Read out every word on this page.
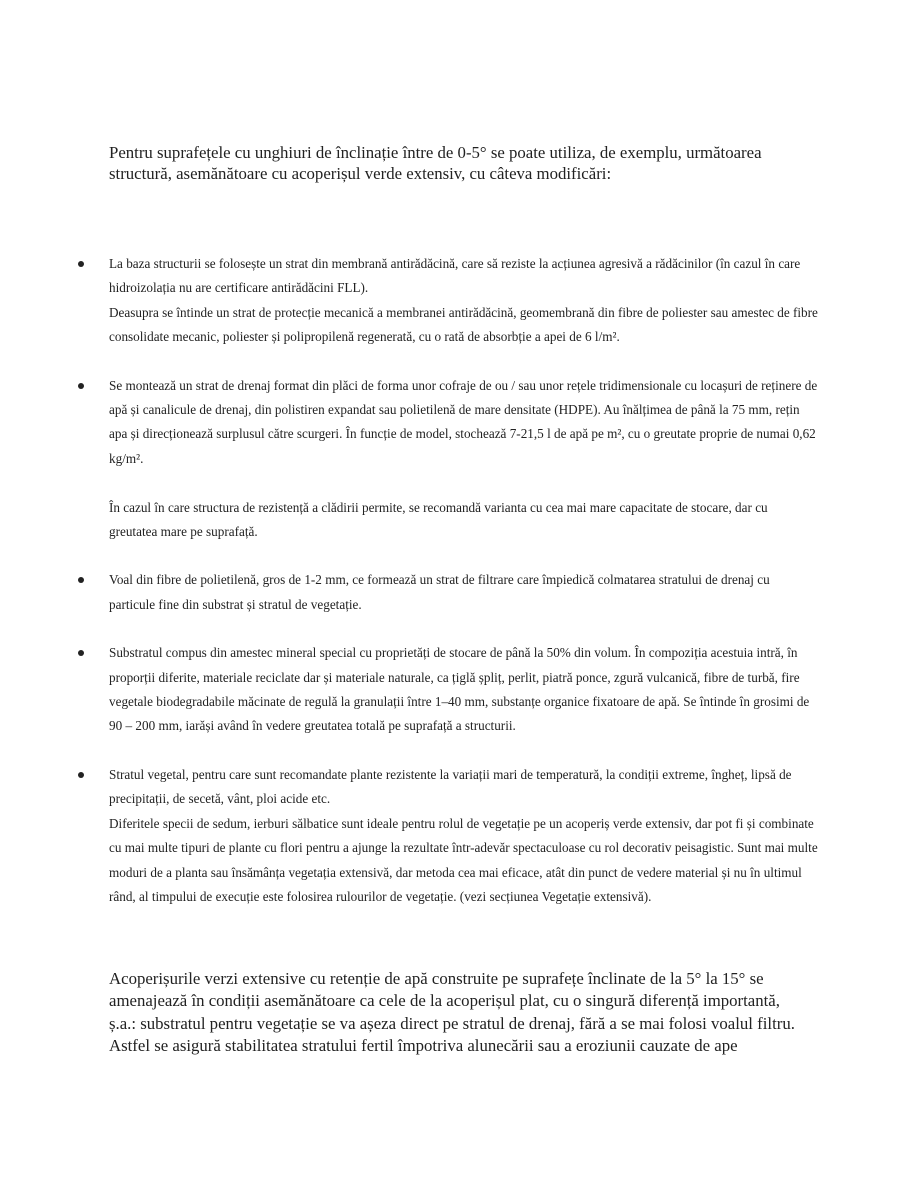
Pentru suprafețele cu unghiuri de înclinație între de 0-5° se poate utiliza, de exemplu, următoarea structură, asemănătoare cu acoperișul verde extensiv, cu câteva modificări:

La baza structurii se folosește un strat din membrană antirădăcină, care să reziste la acțiunea agresivă a rădăcinilor (în cazul în care hidroizolația nu are certificare antirădăcini FLL).

Deasupra se întinde un strat de protecție mecanică a membranei antirădăcină, geomembrană din fibre de poliester sau amestec de fibre consolidate mecanic, poliester și polipropilenă regenerată, cu o rată de absorbție a apei de 6 l/m².

Se montează un strat de drenaj format din plăci de forma unor cofraje de ou / sau unor rețele tridimensionale cu locașuri de reținere de apă și canalicule de drenaj, din polistiren expandat sau polietilenă de mare densitate (HDPE). Au înălțimea de până la 75 mm, rețin apa și direcționează surplusul către scurgeri. În funcție de model, stochează 7-21,5 l de apă pe m², cu o greutate proprie de numai 0,62 kg/m².

În cazul în care structura de rezistență a clădirii permite, se recomandă varianta cu cea mai mare capacitate de stocare, dar cu greutatea mare pe suprafață.

Voal din fibre de polietilenă, gros de 1-2 mm, ce formează un strat de filtrare care împiedică colmatarea stratului de drenaj cu particule fine din substrat și stratul de vegetație.

Substratul compus din amestec mineral special cu proprietăți de stocare de până la 50% din volum. În compoziția acestuia intră, în proporții diferite, materiale reciclate dar și materiale naturale, ca țiglă șpliț, perlit, piatră ponce, zgură vulcanică, fibre de turbă, fire vegetale biodegradabile măcinate de regulă la granulații între 1–40 mm, substanțe organice fixatoare de apă. Se întinde în grosimi de 90 – 200 mm, iarăși având în vedere greutatea totală pe suprafață a structurii.

Stratul vegetal, pentru care sunt recomandate plante rezistente la variații mari de temperatură, la condiții extreme, îngheț, lipsă de precipitații, de secetă, vânt, ploi acide etc.

Diferitele specii de sedum, ierburi sălbatice sunt ideale pentru rolul de vegetație pe un acoperiș verde extensiv, dar pot fi și combinate cu mai multe tipuri de plante cu flori pentru a ajunge la rezultate într-adevăr spectaculoase cu rol decorativ peisagistic. Sunt mai multe moduri de a planta sau însămânța vegetația extensivă, dar metoda cea mai eficace, atât din punct de vedere material și nu în ultimul rând, al timpului de execuție este folosirea rulourilor de vegetație. (vezi secțiunea Vegetație extensivă).

Acoperișurile verzi extensive cu retenție de apă construite pe suprafețe înclinate de la 5° la 15° se amenajează în condiții asemănătoare ca cele de la acoperișul plat, cu o singură diferență importantă, ș.a.: substratul pentru vegetație se va așeza direct pe stratul de drenaj, fără a se mai folosi voalul filtru. Astfel se asigură stabilitatea stratului fertil împotriva alunecării sau a eroziunii cauzate de ape
